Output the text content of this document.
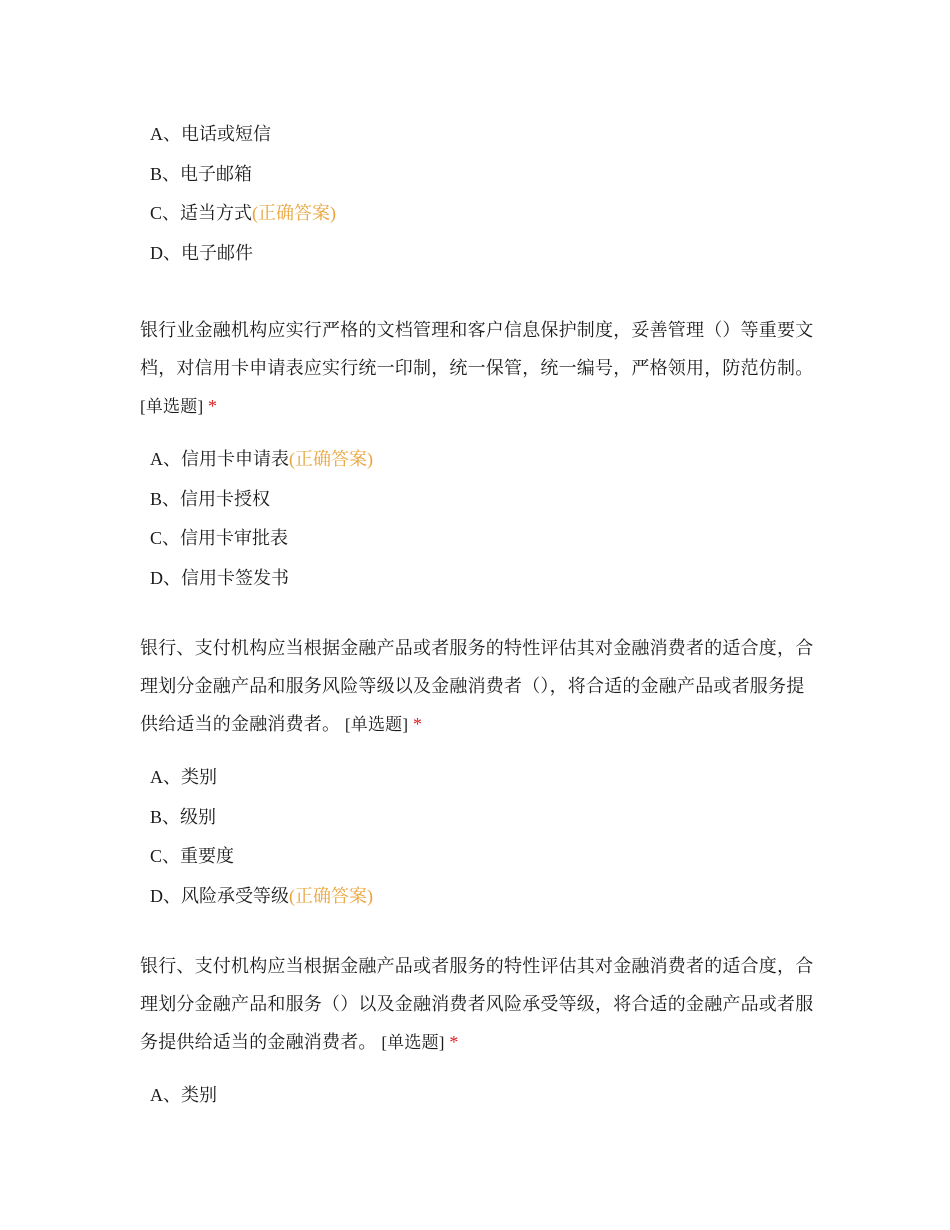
A、电话或短信
B、电子邮箱
C、适当方式(正确答案)
D、电子邮件

银行业金融机构应实行严格的文档管理和客户信息保护制度，妥善管理（）等重要文档，对信用卡申请表应实行统一印制，统一保管，统一编号，严格领用，防范仿制。 [单选题] *

A、信用卡申请表(正确答案)
B、信用卡授权
C、信用卡审批表
D、信用卡签发书

银行、支付机构应当根据金融产品或者服务的特性评估其对金融消费者的适合度，合理划分金融产品和服务风险等级以及金融消费者（），将合适的金融产品或者服务提供给适当的金融消费者。 [单选题] *

A、类别
B、级别
C、重要度
D、风险承受等级(正确答案)

银行、支付机构应当根据金融产品或者服务的特性评估其对金融消费者的适合度，合理划分金融产品和服务（）以及金融消费者风险承受等级，将合适的金融产品或者服务提供给适当的金融消费者。 [单选题] *

A、类别
